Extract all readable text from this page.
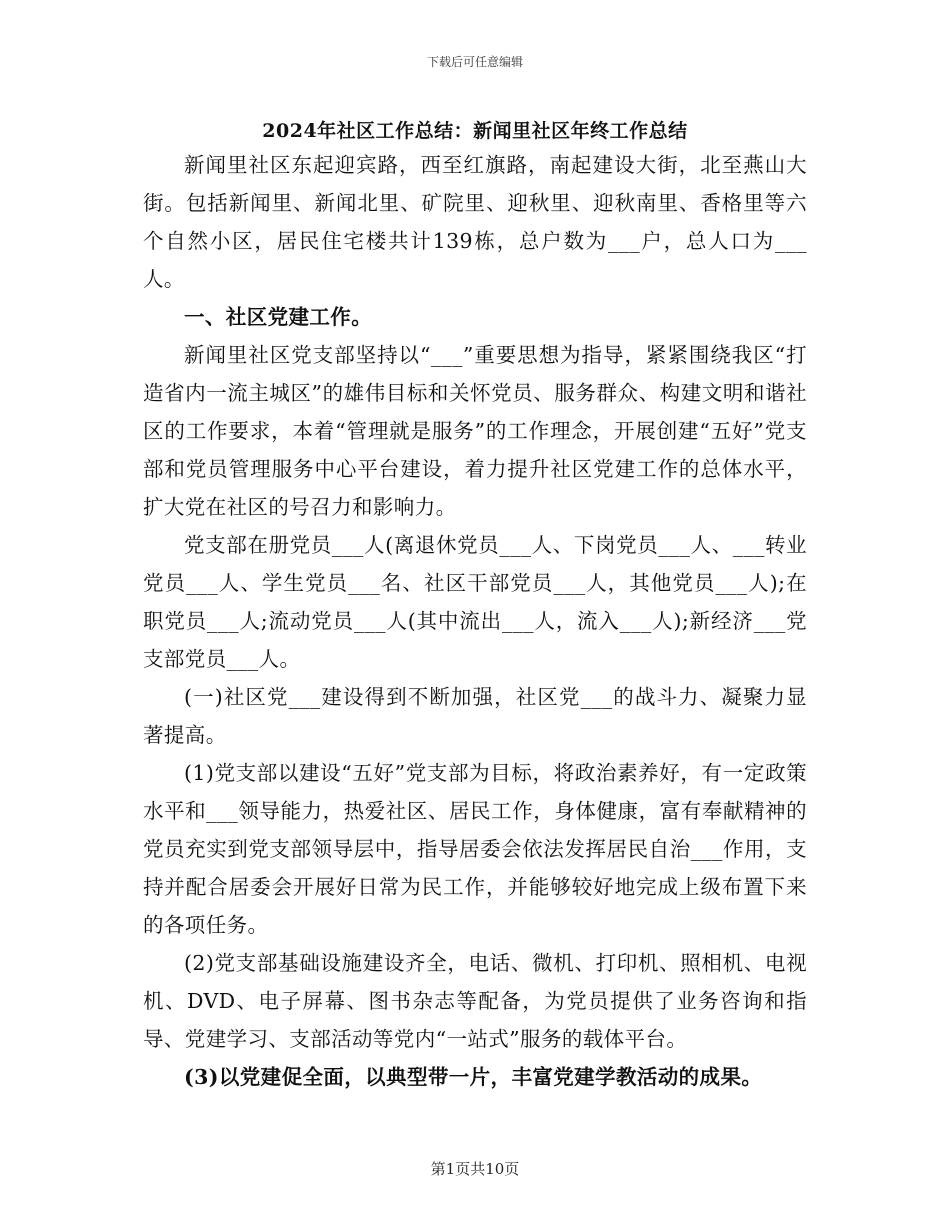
下载后可任意编辑
2024年社区工作总结：新闻里社区年终工作总结

新闻里社区东起迎宾路，西至红旗路，南起建设大街，北至燕山大街。包括新闻里、新闻北里、矿院里、迎秋里、迎秋南里、香格里等六个自然小区，居民住宅楼共计139栋，总户数为___户，总人口为___人。

一、社区党建工作。

新闻里社区党支部坚持以“___”重要思想为指导，紧紧围绕我区“打造省内一流主城区”的雄伟目标和关怀党员、服务群众、构建文明和谐社区的工作要求，本着“管理就是服务”的工作理念，开展创建“五好”党支部和党员管理服务中心平台建设，着力提升社区党建工作的总体水平，扩大党在社区的号召力和影响力。

党支部在册党员___人(离退休党员___人、下岗党员___人、___转业党员___人、学生党员___名、社区干部党员___人，其他党员___人);在职党员___人;流动党员___人(其中流出___人，流入___人);新经济___党支部党员___人。

(一)社区党___建设得到不断加强，社区党___的战斗力、凝聚力显著提高。

(1)党支部以建设“五好”党支部为目标，将政治素养好，有一定政策水平和___领导能力，热爱社区、居民工作，身体健康，富有奉献精神的党员充实到党支部领导层中，指导居委会依法发挥居民自治___作用，支持并配合居委会开展好日常为民工作，并能够较好地完成上级布置下来的各项任务。

(2)党支部基础设施建设齐全，电话、微机、打印机、照相机、电视机、DVD、电子屏幕、图书杂志等配备，为党员提供了业务咨询和指导、党建学习、支部活动等党内“一站式”服务的载体平台。

(3)以党建促全面，以典型带一片，丰富党建学教活动的成果。

第1页共10页
